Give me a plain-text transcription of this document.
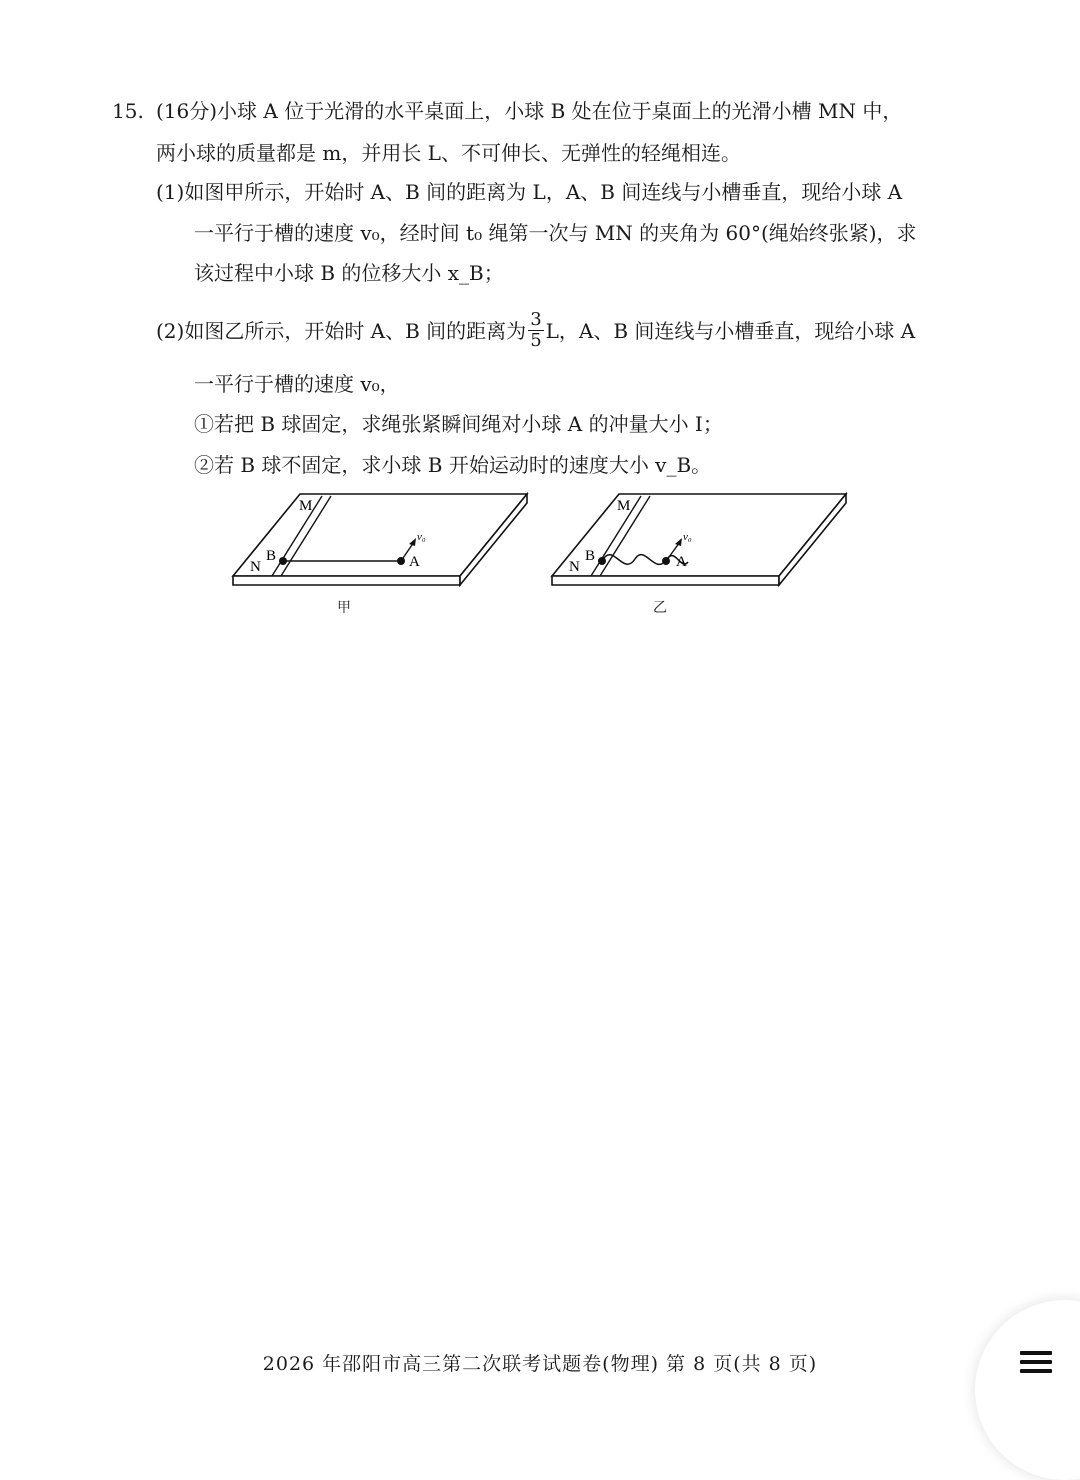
15. (16分)小球 A 位于光滑的水平桌面上，小球 B 处在位于桌面上的光滑小槽 MN 中，
两小球的质量都是 m，并用长 L、不可伸长、无弹性的轻绳相连。
(1)如图甲所示，开始时 A、B 间的距离为 L，A、B 间连线与小槽垂直，现给小球 A
一平行于槽的速度 v₀，经时间 t₀ 绳第一次与 MN 的夹角为 60°(绳始终张紧)，求
该过程中小球 B 的位移大小 x_B；
(2)如图乙所示，开始时 A、B 间的距离为 $\frac{3}{5}$ L，A、B 间连线与小槽垂直，现给小球 A
一平行于槽的速度 v₀，
①若把 B 球固定，求绳张紧瞬间绳对小球 A 的冲量大小 I；
②若 B 球不固定，求小球 B 开始运动时的速度大小 v_B。
M
N
B	A
v₀
M
N
B	A
v₀
甲	乙
2026 年邵阳市高三第二次联考试题卷(物理) 第 8 页(共 8 页)
